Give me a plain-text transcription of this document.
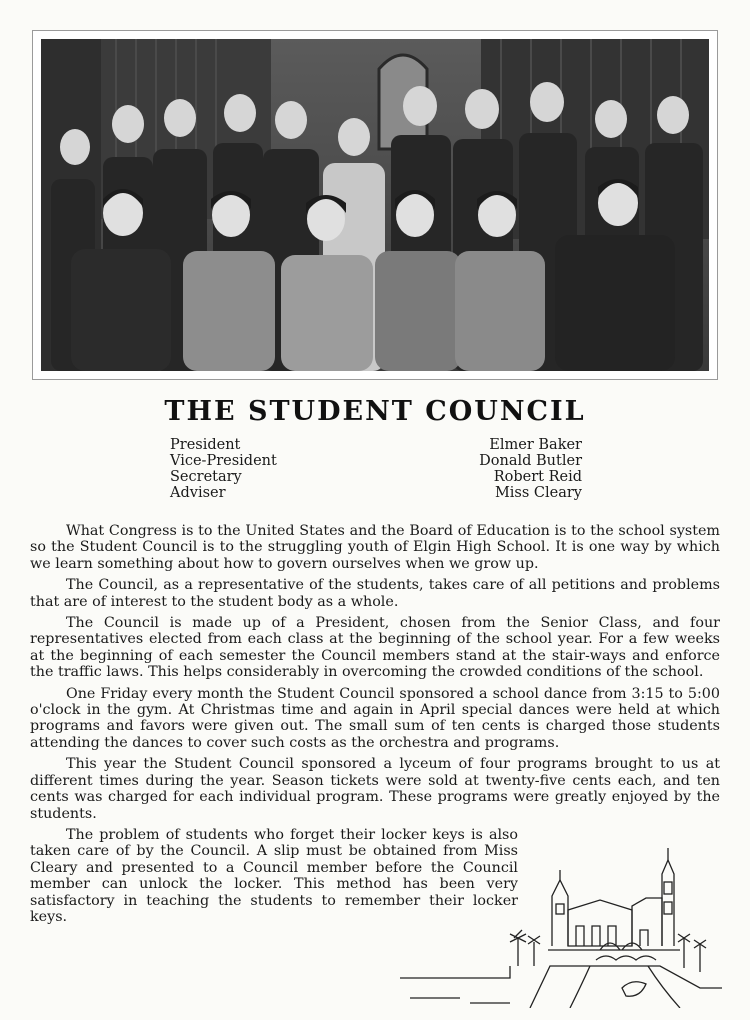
THE STUDENT COUNCIL
President	Elmer Baker
Vice-President	Donald Butler
Secretary	Robert Reid
Adviser	Miss Cleary

What Congress is to the United States and the Board of Education is to the school system so the Student Council is to the struggling youth of Elgin High School. It is one way by which we learn something about how to govern ourselves when we grow up.

The Council, as a representative of the students, takes care of all petitions and problems that are of interest to the student body as a whole.

The Council is made up of a President, chosen from the Senior Class, and four representatives elected from each class at the beginning of the school year. For a few weeks at the beginning of each semester the Council members stand at the stair-ways and enforce the traffic laws. This helps considerably in overcoming the crowded conditions of the school.

One Friday every month the Student Council sponsored a school dance from 3:15 to 5:00 o'clock in the gym. At Christmas time and again in April special dances were held at which programs and favors were given out. The small sum of ten cents is charged those students attending the dances to cover such costs as the orchestra and programs.

This year the Student Council sponsored a lyceum of four programs brought to us at different times during the year. Season tickets were sold at twenty-five cents each, and ten cents was charged for each individual program. These programs were greatly enjoyed by the students.

The problem of students who forget their locker keys is also taken care of by the Council. A slip must be obtained from Miss Cleary and presented to a Council member before the Council member can unlock the locker. This method has been very satisfactory in teaching the students to remember their locker keys.
